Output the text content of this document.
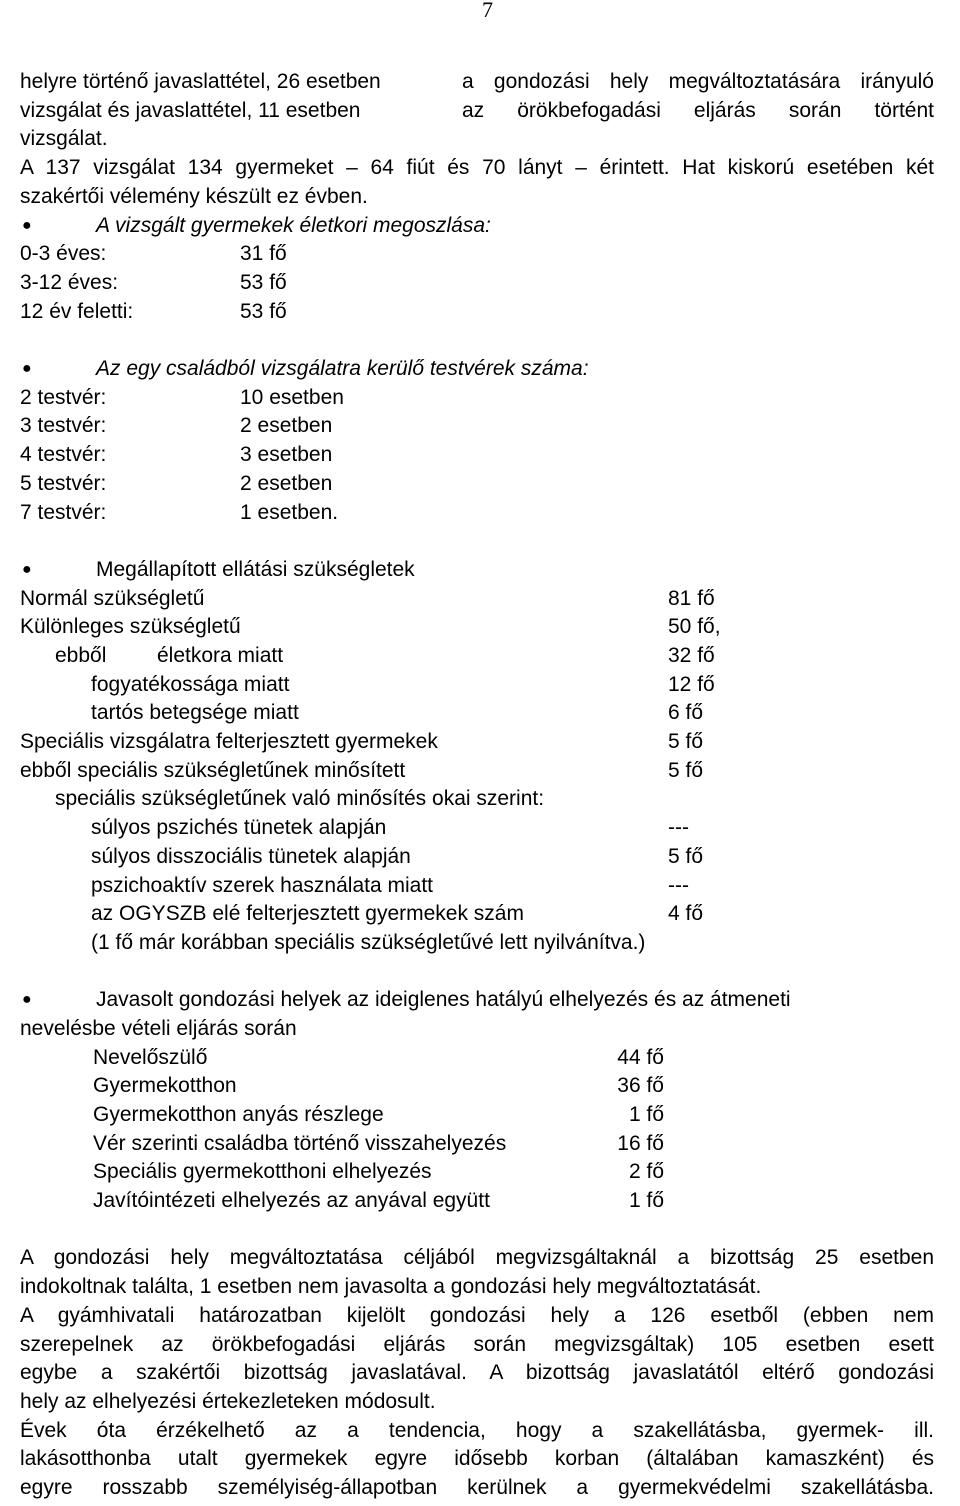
7
helyre történő javaslattétel, 26 esetben	a gondozási hely megváltoztatására irányuló
vizsgálat és javaslattétel, 11 esetben	az örökbefogadási eljárás során történt
vizsgálat.
A 137 vizsgálat 134 gyermeket – 64 fiút és 70 lányt – érintett. Hat kiskorú esetében két
szakértői vélemény készült ez évben.
●	A vizsgált gyermekek életkori megoszlása:
0-3 éves:	31 fő
3-12 éves:	53 fő
12 év feletti:	53 fő
●	Az egy családból vizsgálatra kerülő testvérek száma:
2 testvér:	10 esetben
3 testvér:	2 esetben
4 testvér:	3 esetben
5 testvér:	2 esetben
7 testvér:	1 esetben.
●	Megállapított ellátási szükségletek
Normál szükségletű	81 fő
Különleges szükségletű	50 fő,
ebből életkora miatt	32 fő
fogyatékossága miatt	12 fő
tartós betegsége miatt	6 fő
Speciális vizsgálatra felterjesztett gyermekek	5 fő
ebből speciális szükségletűnek minősített	5 fő
speciális szükségletűnek való minősítés okai szerint:
súlyos pszichés tünetek alapján	---
súlyos disszociális tünetek alapján	5 fő
pszichoaktív szerek használata miatt	---
az OGYSZB elé felterjesztett gyermekek szám	4 fő
(1 fő már korábban speciális szükségletűvé lett nyilvánítva.)
●	Javasolt gondozási helyek az ideiglenes hatályú elhelyezés és az átmeneti
nevelésbe vételi eljárás során
Nevelőszülő	44 fő
Gyermekotthon	36 fő
Gyermekotthon anyás részlege	1 fő
Vér szerinti családba történő visszahelyezés	16 fő
Speciális gyermekotthoni elhelyezés	2 fő
Javítóintézeti elhelyezés az anyával együtt	1 fő
A gondozási hely megváltoztatása céljából megvizsgáltaknál a bizottság 25 esetben
indokoltnak találta, 1 esetben nem javasolta a gondozási hely megváltoztatását.
A gyámhivatali határozatban kijelölt gondozási hely a 126 esetből (ebben nem
szerepelnek az örökbefogadási eljárás során megvizsgáltak) 105 esetben esett
egybe a szakértői bizottság javaslatával. A bizottság javaslatától eltérő gondozási
hely az elhelyezési értekezleteken módosult.
Évek óta érzékelhető az a tendencia, hogy a szakellátásba, gyermek- ill.
lakásotthonba utalt gyermekek egyre idősebb korban (általában kamaszként) és
egyre rosszabb személyiség-állapotban kerülnek a gyermekvédelmi szakellátásba.
